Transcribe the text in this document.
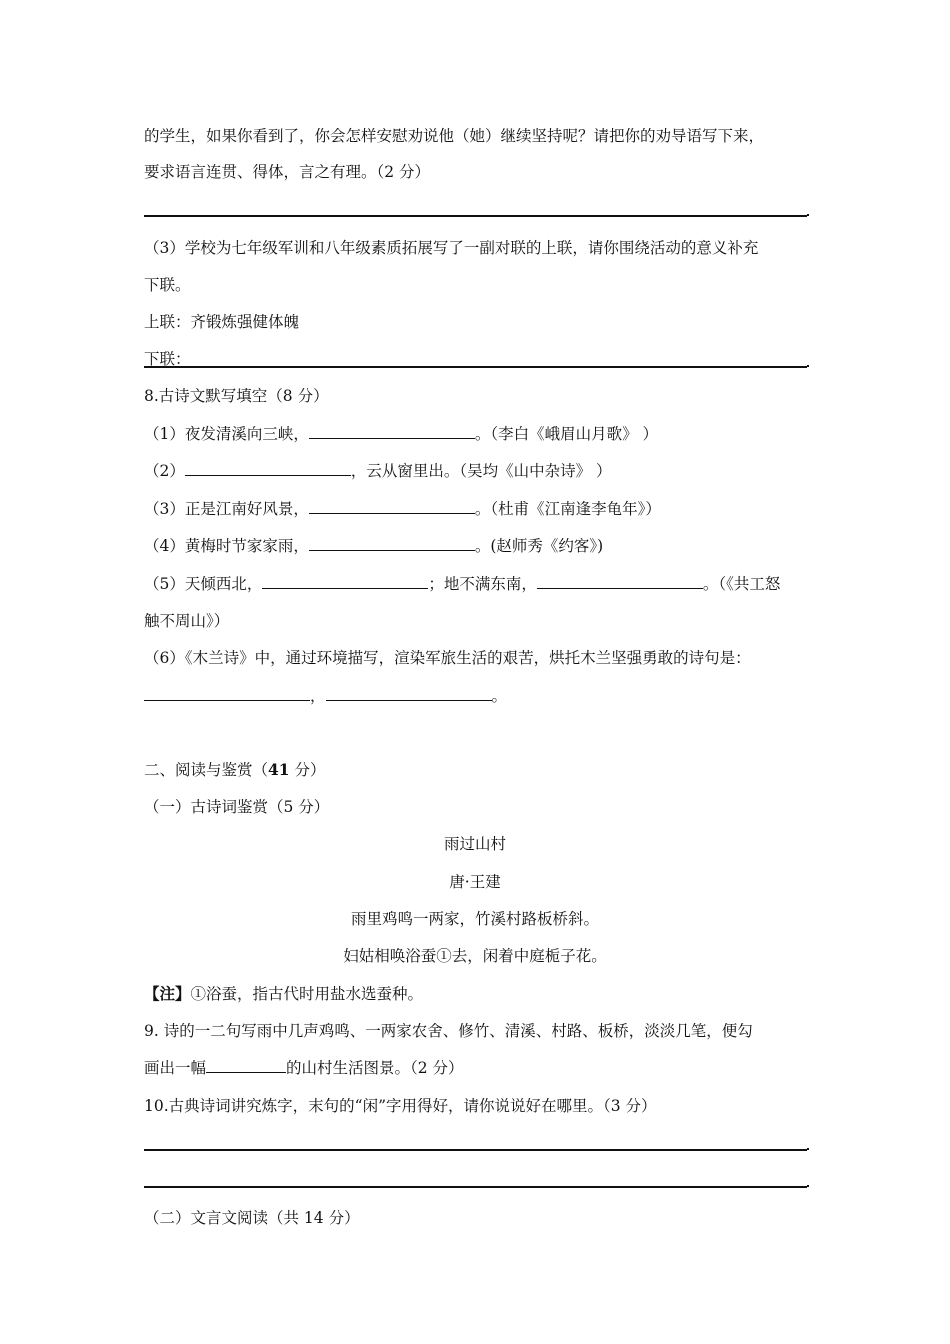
的学生，如果你看到了，你会怎样安慰劝说他（她）继续坚持呢？请把你的劝导语写下来，
要求语言连贯、得体，言之有理。（2 分）
（3）学校为七年级军训和八年级素质拓展写了一副对联的上联，请你围绕活动的意义补充
下联。
上联：齐锻炼强健体魄
下联：
8.古诗文默写填空（8 分）
（1）夜发清溪向三峡，	。（李白《峨眉山月歌》 ）
（2）	，云从窗里出。（吴均《山中杂诗》 ）
（3）正是江南好风景，	。（杜甫《江南逢李龟年》）
（4）黄梅时节家家雨，	。(赵师秀《约客》)
（5）天倾西北，	；地不满东南，	。（《共工怒
触不周山》）
（6）《木兰诗》中，通过环境描写，渲染军旅生活的艰苦，烘托木兰坚强勇敢的诗句是：
，	。
二、阅读与鉴赏（41 分）
（一）古诗词鉴赏（5 分）
雨过山村
唐·王建
雨里鸡鸣一两家，竹溪村路板桥斜。
妇姑相唤浴蚕①去，闲着中庭栀子花。
【注】①浴蚕，指古代时用盐水选蚕种。
9. 诗的一二句写雨中几声鸡鸣、一两家农舍、修竹、清溪、村路、板桥，淡淡几笔，便勾
画出一幅	的山村生活图景。（2 分）
10.古典诗词讲究炼字，末句的“闲”字用得好，请你说说好在哪里。（3 分）
（二）文言文阅读（共 14 分）
